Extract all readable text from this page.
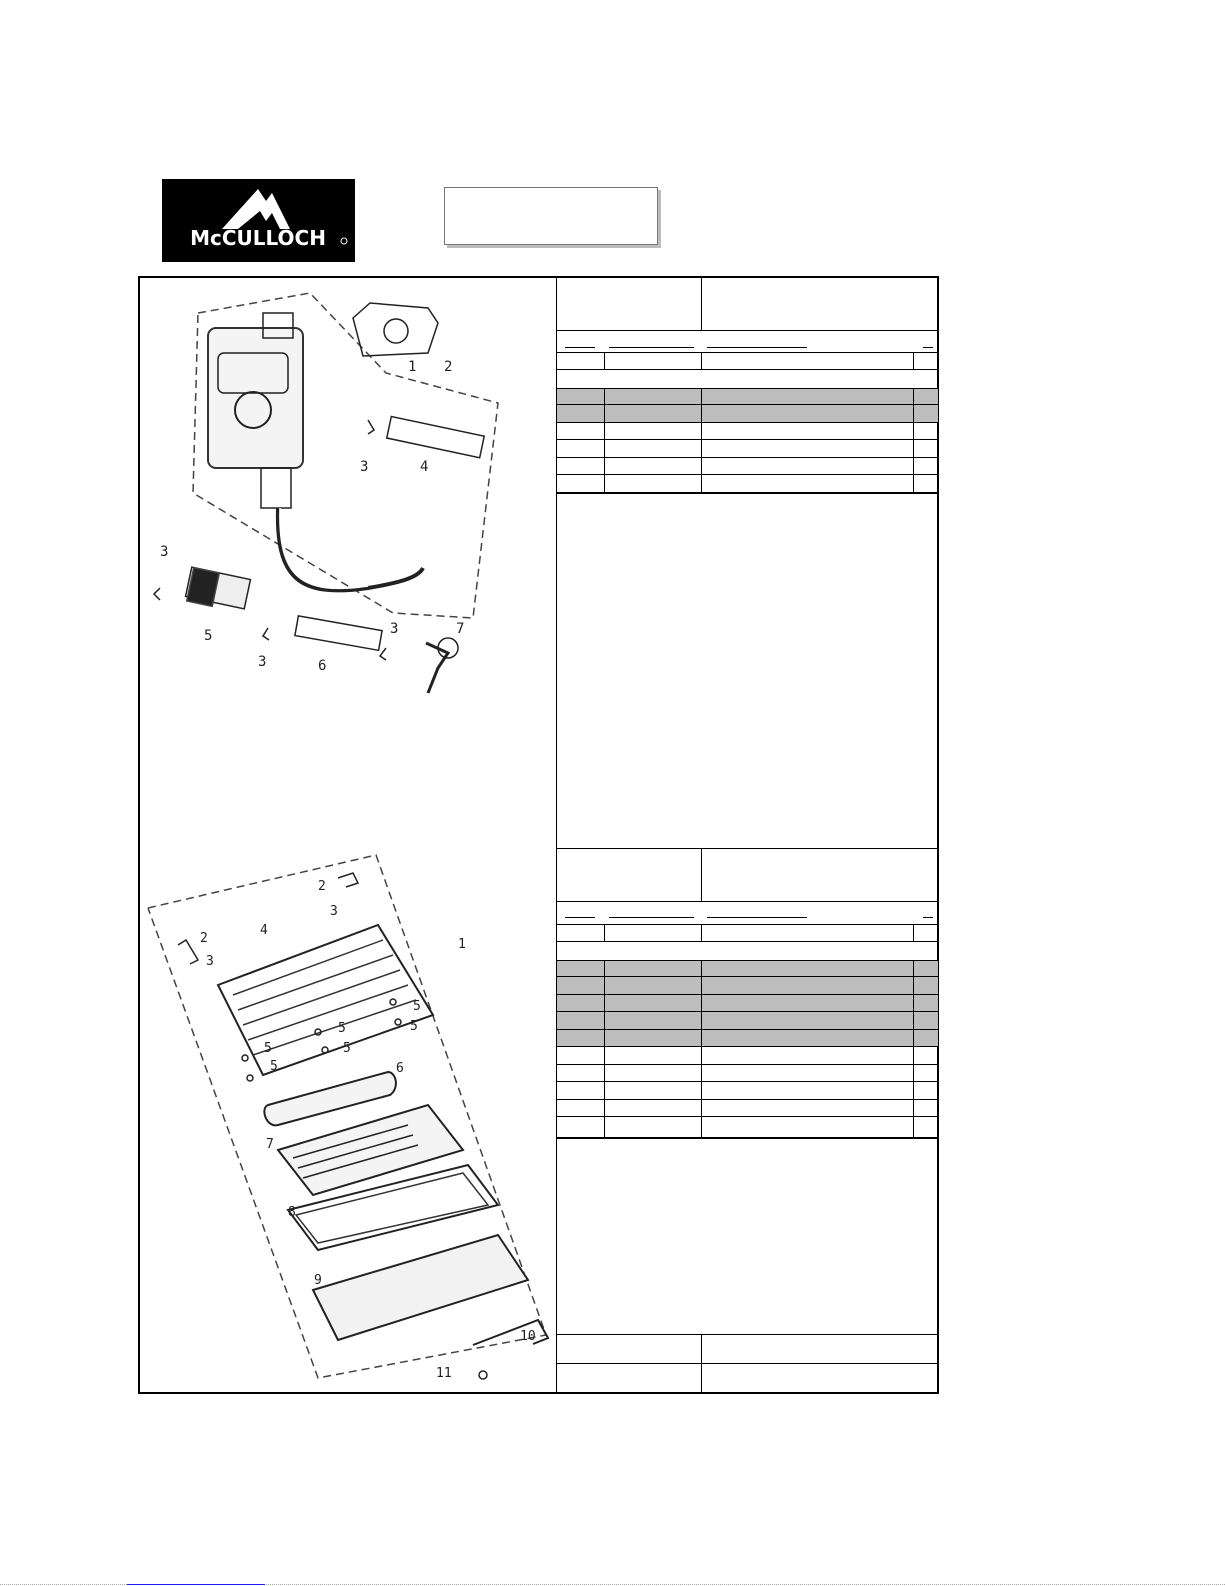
McCULLOCH
1 2
3	4
3
5
3	6
3	7
2
3
4
1
2
3
5
5
5
5
5
5	6
7
8
9
10
11
